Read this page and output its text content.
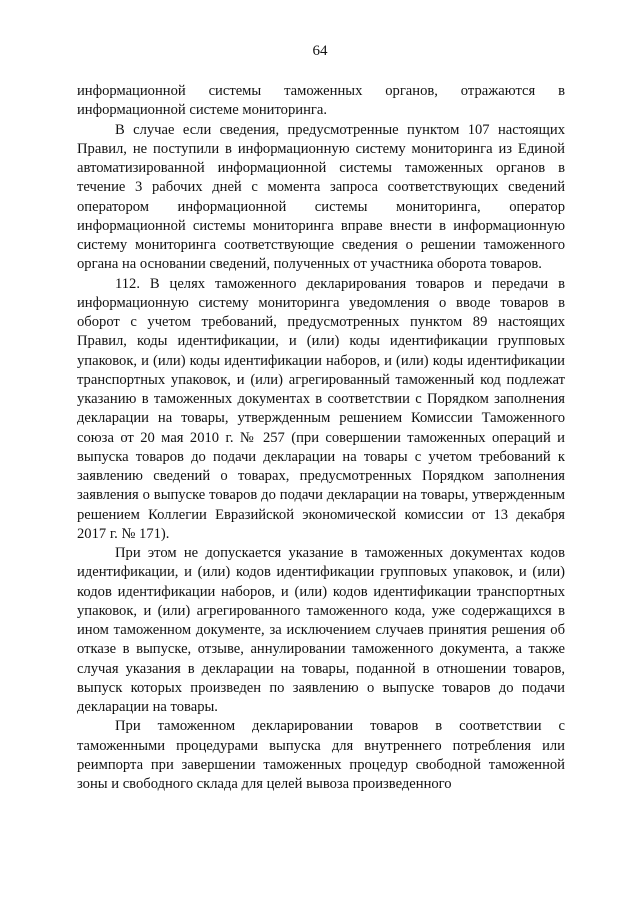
64

информационной системы таможенных органов, отражаются в информационной системе мониторинга.

В случае если сведения, предусмотренные пунктом 107 настоящих Правил, не поступили в информационную систему мониторинга из Единой автоматизированной информационной системы таможенных органов в течение 3 рабочих дней с момента запроса соответствующих сведений оператором информационной системы мониторинга, оператор информационной системы мониторинга вправе внести в информационную систему мониторинга соответствующие сведения о решении таможенного органа на основании сведений, полученных от участника оборота товаров.

112. В целях таможенного декларирования товаров и передачи в информационную систему мониторинга уведомления о вводе товаров в оборот с учетом требований, предусмотренных пунктом 89 настоящих Правил, коды идентификации, и (или) коды идентификации групповых упаковок, и (или) коды идентификации наборов, и (или) коды идентификации транспортных упаковок, и (или) агрегированный таможенный код подлежат указанию в таможенных документах в соответствии с Порядком заполнения декларации на товары, утвержденным решением Комиссии Таможенного союза от 20 мая 2010 г. № 257 (при совершении таможенных операций и выпуска товаров до подачи декларации на товары с учетом требований к заявлению сведений о товарах, предусмотренных Порядком заполнения заявления о выпуске товаров до подачи декларации на товары, утвержденным решением Коллегии Евразийской экономической комиссии от 13 декабря 2017 г. № 171).

При этом не допускается указание в таможенных документах кодов идентификации, и (или) кодов идентификации групповых упаковок, и (или) кодов идентификации наборов, и (или) кодов идентификации транспортных упаковок, и (или) агрегированного таможенного кода, уже содержащихся в ином таможенном документе, за исключением случаев принятия решения об отказе в выпуске, отзыве, аннулировании таможенного документа, а также случая указания в декларации на товары, поданной в отношении товаров, выпуск которых произведен по заявлению о выпуске товаров до подачи декларации на товары.

При таможенном декларировании товаров в соответствии с таможенными процедурами выпуска для внутреннего потребления или реимпорта при завершении таможенных процедур свободной таможенной зоны и свободного склада для целей вывоза произведенного
